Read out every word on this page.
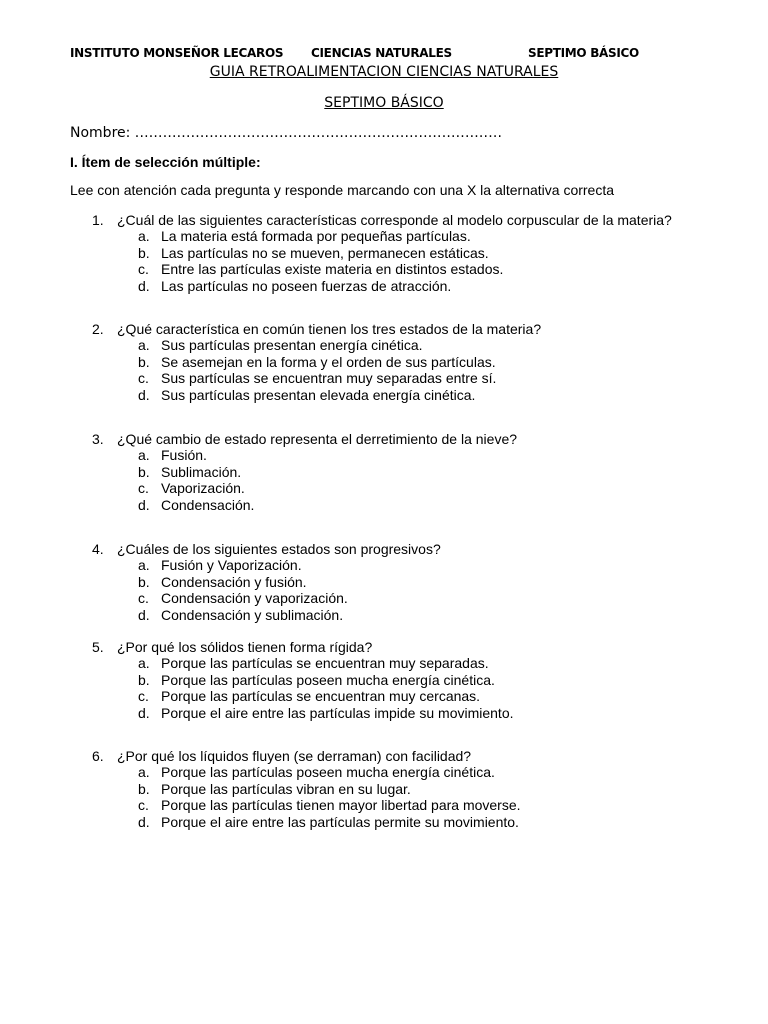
INSTITUTO MONSEÑOR LECAROS CIENCIAS NATURALES	SEPTIMO BÁSICO
GUIA RETROALIMENTACION CIENCIAS NATURALES
SEPTIMO BÁSICO
Nombre: ...............................................................................
I. Ítem de selección múltiple:
Lee con atención cada pregunta y responde marcando con una X la alternativa correcta
1. ¿Cuál de las siguientes características corresponde al modelo corpuscular de la materia?
a. La materia está formada por pequeñas partículas.
b. Las partículas no se mueven, permanecen estáticas.
c. Entre las partículas existe materia en distintos estados.
d. Las partículas no poseen fuerzas de atracción.
2. ¿Qué característica en común tienen los tres estados de la materia?
a. Sus partículas presentan energía cinética.
b. Se asemejan en la forma y el orden de sus partículas.
c. Sus partículas se encuentran muy separadas entre sí.
d. Sus partículas presentan elevada energía cinética.
3. ¿Qué cambio de estado representa el derretimiento de la nieve?
a. Fusión.
b. Sublimación.
c. Vaporización.
d. Condensación.
4. ¿Cuáles de los siguientes estados son progresivos?
a. Fusión y Vaporización.
b. Condensación y fusión.
c. Condensación y vaporización.
d. Condensación y sublimación.
5. ¿Por qué los sólidos tienen forma rígida?
a. Porque las partículas se encuentran muy separadas.
b. Porque las partículas poseen mucha energía cinética.
c. Porque las partículas se encuentran muy cercanas.
d. Porque el aire entre las partículas impide su movimiento.
6. ¿Por qué los líquidos fluyen (se derraman) con facilidad?
a. Porque las partículas poseen mucha energía cinética.
b. Porque las partículas vibran en su lugar.
c. Porque las partículas tienen mayor libertad para moverse.
d. Porque el aire entre las partículas permite su movimiento.
